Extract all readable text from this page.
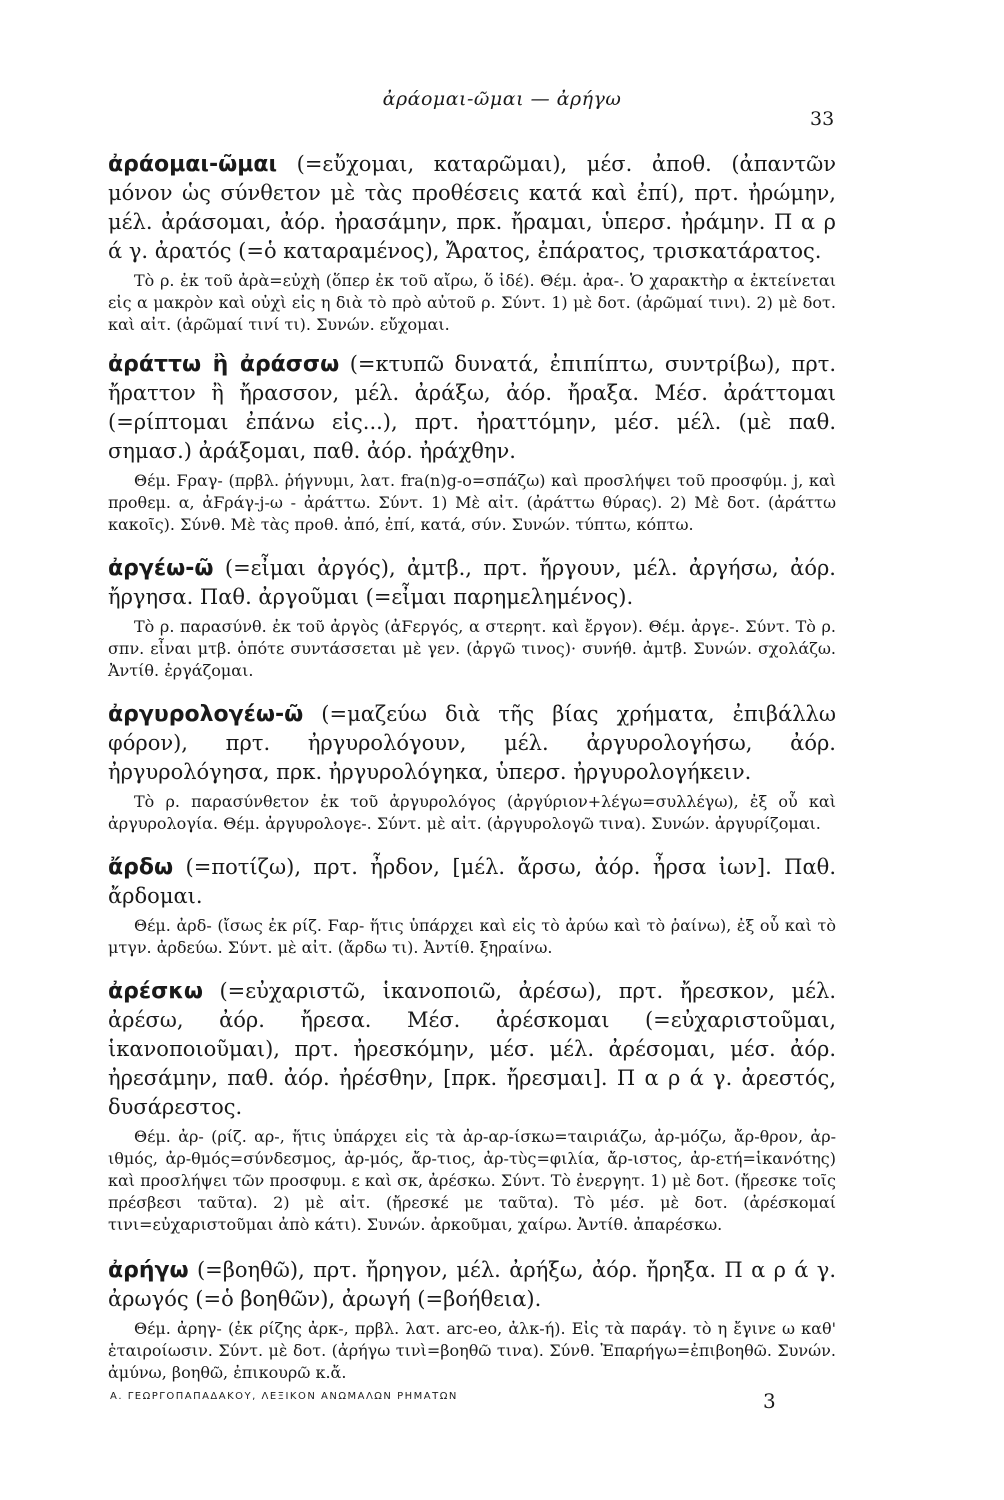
ἀράομαι-ῶμαι — ἀρήγω
33

ἀράομαι-ῶμαι (=εὔχομαι, καταρῶμαι), μέσ. ἀποθ. (ἀπαντῶν μόνον ὡς σύνθετον μὲ τὰς προθέσεις κατά καὶ ἐπί), πρτ. ἠρώμην, μέλ. ἀράσομαι, ἀόρ. ἠρασάμην, πρκ. ἤραμαι, ὑπερσ. ἠράμην. Π α ρ ά γ. ἀρατός (=ὁ καταραμένος), Ἄρατος, ἐπάρατος, τρισκατάρατος.

Τὸ ρ. ἐκ τοῦ ἀρὰ=εὐχὴ (ὅπερ ἐκ τοῦ αἴρω, ὅ ἰδέ). Θέμ. ἀρα-. Ὁ χαρακτὴρ α ἐκτείνεται εἰς α μακρὸν καὶ οὐχὶ εἰς η διὰ τὸ πρὸ αὐτοῦ ρ. Σύντ. 1) μὲ δοτ. (ἀρῶμαί τινι). 2) μὲ δοτ. καὶ αἰτ. (ἀρῶμαί τινί τι). Συνών. εὔχομαι.

ἀράττω ἢ ἀράσσω (=κτυπῶ δυνατά, ἐπιπίπτω, συντρίβω), πρτ. ἤραττον ἢ ἤρασσον, μέλ. ἀράξω, ἀόρ. ἤραξα. Μέσ. ἀράττομαι (=ρίπτομαι ἐπάνω εἰς...), πρτ. ἠραττόμην, μέσ. μέλ. (μὲ παθ. σημασ.) ἀράξομαι, παθ. ἀόρ. ἠράχθην.

Θέμ. Ϝραγ- (πρβλ. ῥήγνυμι, λατ. fra(n)g-o=σπάζω) καὶ προσλήψει τοῦ προσφύμ. j, καὶ προθεμ. α, ἀϜράγ-j-ω - ἀράττω. Σύντ. 1) Μὲ αἰτ. (ἀράττω θύρας). 2) Μὲ δοτ. (ἀράττω κακοῖς). Σύνθ. Μὲ τὰς προθ. ἀπό, ἐπί, κατά, σύν. Συνών. τύπτω, κόπτω.

ἀργέω-ῶ (=εἶμαι ἀργός), ἀμτβ., πρτ. ἤργουν, μέλ. ἀργήσω, ἀόρ. ἤργησα. Παθ. ἀργοῦμαι (=εἶμαι παρημελημένος).

Τὸ ρ. παρασύνθ. ἐκ τοῦ ἀργὸς (ἀϜεργός, α στερητ. καὶ ἔργον). Θέμ. ἀργε-. Σύντ. Τὸ ρ. σπν. εἶναι μτβ. ὁπότε συντάσσεται μὲ γεν. (ἀργῶ τινος)· συνήθ. ἀμτβ. Συνών. σχολάζω. Ἀντίθ. ἐργάζομαι.

ἀργυρολογέω-ῶ (=μαζεύω διὰ τῆς βίας χρήματα, ἐπιβάλλω φόρον), πρτ. ἠργυρολόγουν, μέλ. ἀργυρολογήσω, ἀόρ. ἠργυρολόγησα, πρκ. ἠργυρολόγηκα, ὑπερσ. ἠργυρολογήκειν.

Τὸ ρ. παρασύνθετον ἐκ τοῦ ἀργυρολόγος (ἀργύριον+λέγω=συλλέγω), ἐξ οὗ καὶ ἀργυρολογία. Θέμ. ἀργυρολογε-. Σύντ. μὲ αἰτ. (ἀργυρολογῶ τινα). Συνών. ἀργυρίζομαι.

ἄρδω (=ποτίζω), πρτ. ἦρδον, [μέλ. ἄρσω, ἀόρ. ἦρσα ἰων]. Παθ. ἄρδομαι.

Θέμ. ἀρδ- (ἴσως ἐκ ρίζ. Ϝαρ- ἥτις ὑπάρχει καὶ εἰς τὸ ἀρύω καὶ τὸ ῥαίνω), ἐξ οὗ καὶ τὸ μτγν. ἀρδεύω. Σύντ. μὲ αἰτ. (ἄρδω τι). Ἀντίθ. ξηραίνω.

ἀρέσκω (=εὐχαριστῶ, ἱκανοποιῶ, ἀρέσω), πρτ. ἤρεσκον, μέλ. ἀρέσω, ἀόρ. ἤρεσα. Μέσ. ἀρέσκομαι (=εὐχαριστοῦμαι, ἱκανοποιοῦμαι), πρτ. ἠρεσκόμην, μέσ. μέλ. ἀρέσομαι, μέσ. ἀόρ. ἠρεσάμην, παθ. ἀόρ. ἠρέσθην, [πρκ. ἤρεσμαι]. Π α ρ ά γ. ἀρεστός, δυσάρεστος.

Θέμ. ἀρ- (ρίζ. αρ-, ἥτις ὑπάρχει εἰς τὰ ἀρ-αρ-ίσκω=ταιριάζω, ἀρ-μόζω, ἄρ-θρον, ἀρ-ιθμός, ἀρ-θμός=σύνδεσμος, ἀρ-μός, ἄρ-τιος, ἀρ-τὺς=φιλία, ἄρ-ιστος, ἀρ-ετή=ἱκανότης) καὶ προσλήψει τῶν προσφυμ. ε καὶ σκ, ἀρέσκω. Σύντ. Τὸ ἐνεργητ. 1) μὲ δοτ. (ἤρεσκε τοῖς πρέσβεσι ταῦτα). 2) μὲ αἰτ. (ἤρεσκέ με ταῦτα). Τὸ μέσ. μὲ δοτ. (ἀρέσκομαί τινι=εὐχαριστοῦμαι ἀπὸ κάτι). Συνών. ἀρκοῦμαι, χαίρω. Ἀντίθ. ἀπαρέσκω.

ἀρήγω (=βοηθῶ), πρτ. ἤρηγον, μέλ. ἀρήξω, ἀόρ. ἤρηξα. Π α ρ ά γ. ἀρωγός (=ὁ βοηθῶν), ἀρωγή (=βοήθεια).

Θέμ. ἀρηγ- (ἐκ ρίζης ἀρκ-, πρβλ. λατ. arc-eo, ἀλκ-ή). Εἰς τὰ παράγ. τὸ η ἔγινε ω καθ' ἑταιροίωσιν. Σύντ. μὲ δοτ. (ἀρήγω τινὶ=βοηθῶ τινα). Σύνθ. Ἐπαρήγω=ἐπιβοηθῶ. Συνών. ἀμύνω, βοηθῶ, ἐπικουρῶ κ.ἄ.

Α. ΓΕΩΡΓΟΠΑΠΑΔΑΚΟΥ, ΛΕΞΙΚΟΝ ΑΝΩΜΑΛΩΝ ΡΗΜΑΤΩΝ	3
